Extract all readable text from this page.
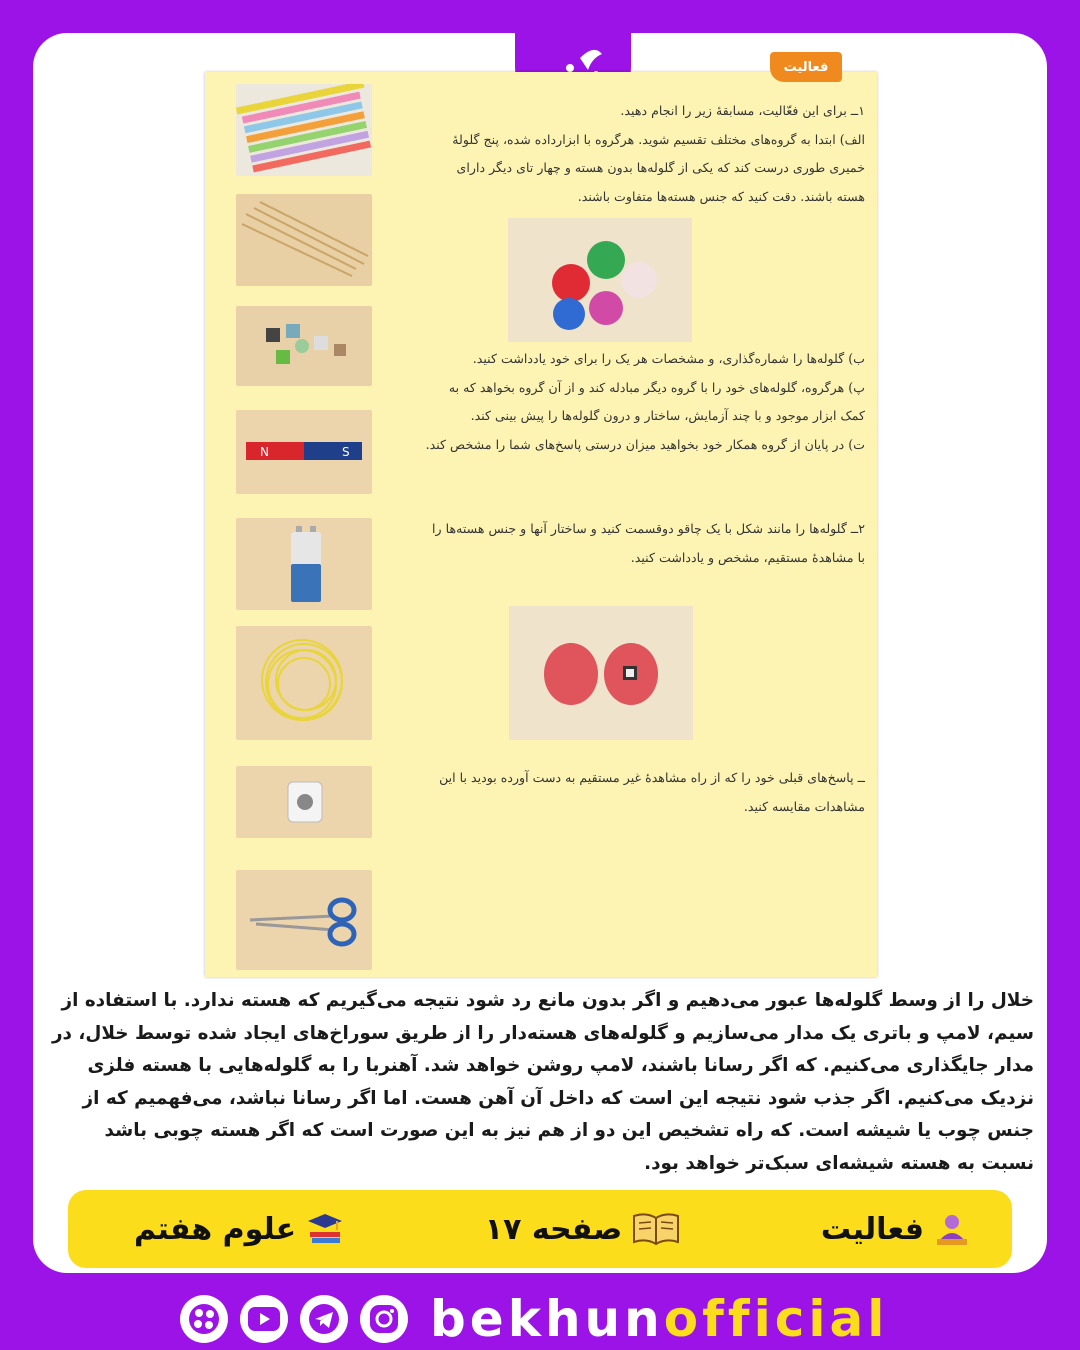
فعالیت
N	S
۱ــ برای این فعّالیت، مسابقهٔ زیر را انجام دهید.
الف) ابتدا به گروه‌های مختلف تقسیم شوید. هرگروه با ابزارداده شده، پنج گلولهٔ خمیری طوری درست کند که یکی از گلوله‌ها بدون هسته و چهار تای دیگر دارای هسته باشند. دقت کنید که جنس هسته‌ها متفاوت باشند.
ب) گلوله‌ها را شماره‌گذاری، و مشخصات هر یک را برای خود یادداشت کنید.
پ) هرگروه، گلوله‌های خود را با گروه دیگر مبادله کند و از آن گروه بخواهد که به کمک ابزار موجود و با چند آزمایش، ساختار و درون گلوله‌ها را پیش بینی کند.
ت) در پایان از گروه همکار خود بخواهید میزان درستی پاسخ‌های شما را مشخص کند.
۲ــ گلوله‌ها را مانند شکل با یک چاقو دوقسمت کنید و ساختار آنها و جنس هسته‌ها را با مشاهدهٔ مستقیم، مشخص و یادداشت کنید.
ــ پاسخ‌های قبلی خود را که از راه مشاهدهٔ غیر مستقیم به دست آورده بودید با این مشاهدات مقایسه کنید.
خلال را از وسط گلوله‌ها عبور می‌دهیم و اگر بدون مانع رد شود نتیجه می‌گیریم که هسته ندارد. با استفاده از سیم، لامپ و باتری یک مدار می‌سازیم و گلوله‌های هسته‌دار را از طریق سوراخ‌های ایجاد شده توسط خلال، در مدار جایگذاری می‌کنیم. که اگر رسانا باشند، لامپ روشن خواهد شد. آهنربا را به گلوله‌هایی با هسته فلزی نزدیک می‌کنیم. اگر جذب شود نتیجه این است که داخل آن آهن هست. اما اگر رسانا نباشد، می‌فهمیم که از جنس چوب یا شیشه است. که راه تشخیص این دو از هم نیز به این صورت است که اگر هسته چوبی باشد نسبت به هسته شیشه‌ای سبک‌تر خواهد بود.
علوم هفتم	صفحه ۱۷	فعالیت
bekhunofficial
